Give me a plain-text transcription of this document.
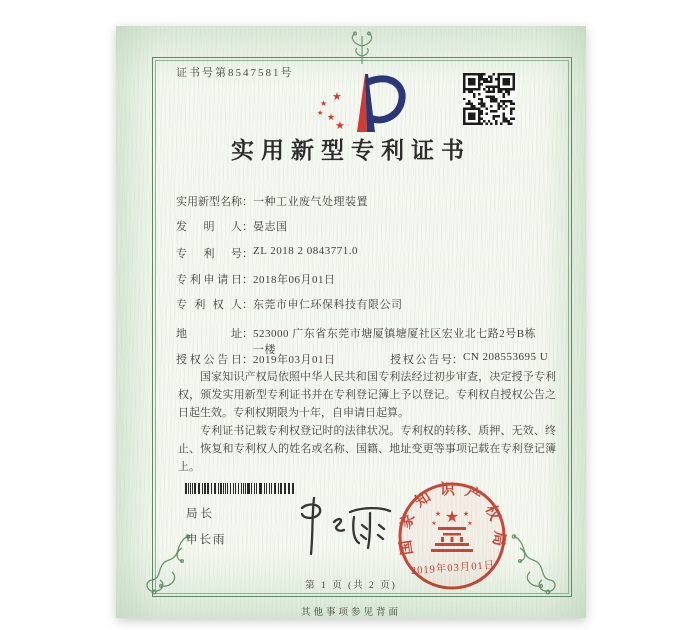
证书号第8547581号
★
★
★ ★
★
实用新型专利证书
实用新型名称：一种工业废气处理装置
发明人：晏志国
专利号：ZL 2018 2 0843771.0
专利申请日：2018年06月01日
专利权人：东莞市申仁环保科技有限公司
地址：523000 广东省东莞市塘厦镇塘厦社区宏业北七路2号B栋
一楼
授权公告日：2019年03月01日	授权公告号：CN 208553695 U

国家知识产权局依照中华人民共和国专利法经过初步审查，决定授予专利权，颁发实用新型专利证书并在专利登记簿上予以登记。专利权自授权公告之日起生效。专利权期限为十年，自申请日起算。

专利证书记载专利权登记时的法律状况。专利权的转移、质押、无效、终止、恢复和专利权人的姓名或名称、国籍、地址变更等事项记载在专利登记簿上。

局长
申长雨	国家知识产权局
★
★	★
★	★
2019年03月01日
第 1 页 (共 2 页)
其他事项参见背面
